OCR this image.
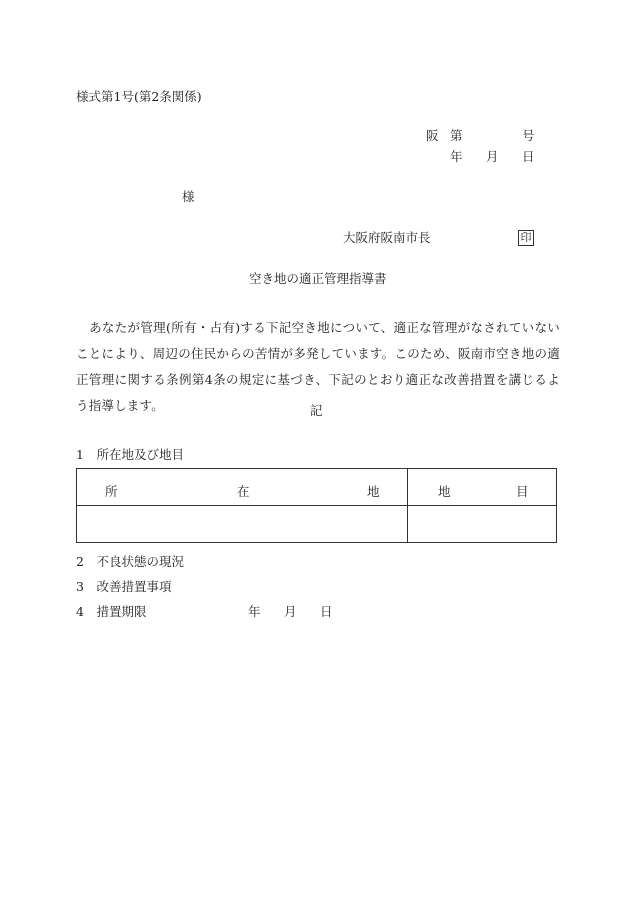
様式第1号(第2条関係)
阪 第	号
年 月 日
様
大阪府阪南市長	印
空き地の適正管理指導書
あなたが管理(所有・占有)する下記空き地について、適正な管理がなされていないことにより、周辺の住民からの苦情が多発しています。このため、阪南市空き地の適正管理に関する条例第4条の規定に基づき、下記のとおり適正な改善措置を講じるよう指導します。	記
1　所在地及び地目
所 在 地	地 目

2　不良状態の現況
3　改善措置事項
4　措置期限	年 月 日
